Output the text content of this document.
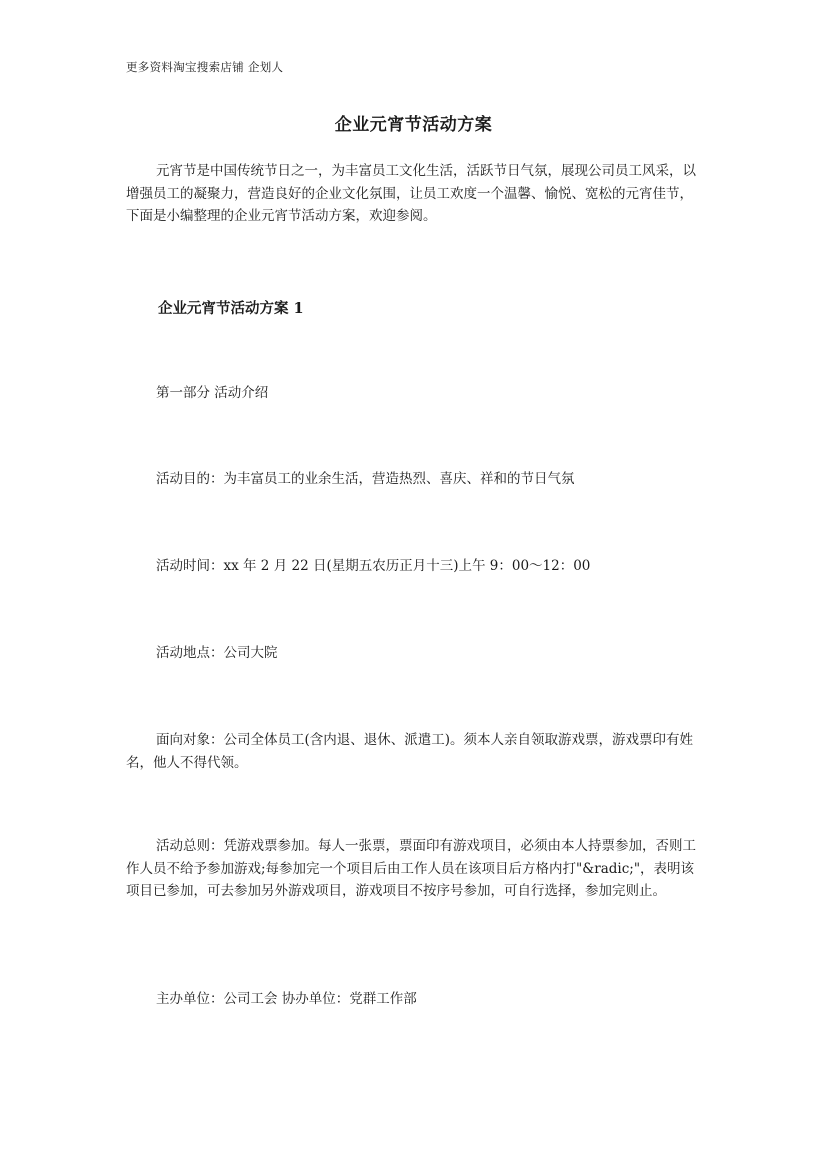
更多资料淘宝搜索店铺 企划人
企业元宵节活动方案

元宵节是中国传统节日之一，为丰富员工文化生活，活跃节日气氛，展现公司员工风采，以增强员工的凝聚力，营造良好的企业文化氛围，让员工欢度一个温馨、愉悦、宽松的元宵佳节，下面是小编整理的企业元宵节活动方案，欢迎参阅。

企业元宵节活动方案 1

第一部分 活动介绍

活动目的：为丰富员工的业余生活，营造热烈、喜庆、祥和的节日气氛

活动时间：xx 年 2 月 22 日(星期五农历正月十三)上午 9：00～12：00

活动地点：公司大院

面向对象：公司全体员工(含内退、退休、派遣工)。须本人亲自领取游戏票，游戏票印有姓名，他人不得代领。

活动总则：凭游戏票参加。每人一张票，票面印有游戏项目，必须由本人持票参加，否则工作人员不给予参加游戏;每参加完一个项目后由工作人员在该项目后方格内打"&radic;"，表明该项目已参加，可去参加另外游戏项目，游戏项目不按序号参加，可自行选择，参加完则止。

主办单位：公司工会 协办单位：党群工作部
